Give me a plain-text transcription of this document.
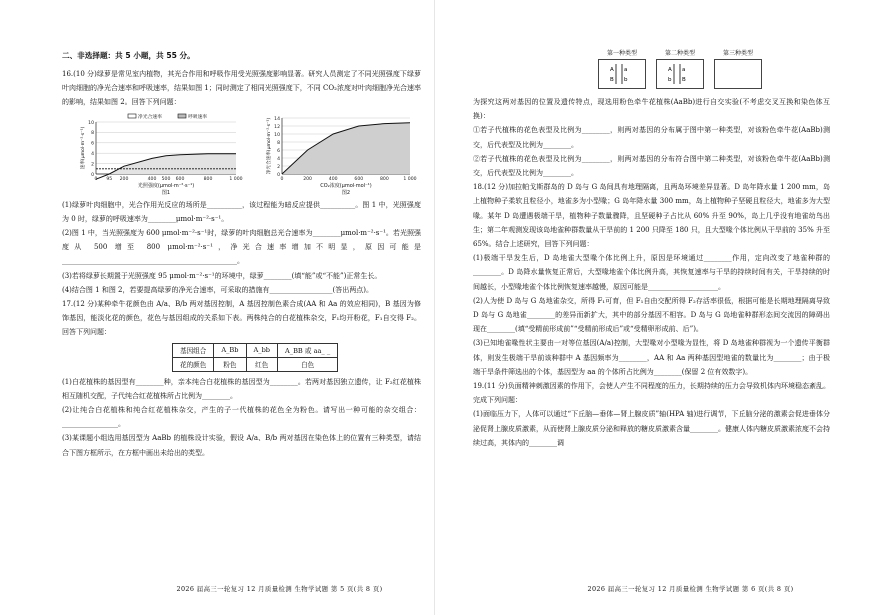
二、非选择题：共 5 小题，共 55 分。

16.(10 分)绿萝是常见室内植物，其光合作用和呼吸作用受光照强度影响显著。研究人员测定了不同光照强度下绿萝叶肉细胞的净光合速率和呼吸速率，结果如图 1；同时测定了相同光照强度下，不同 CO₂浓度对叶肉细胞净光合速率的影响，结果如图 2。回答下列问题：

0
2
4
6
8
10
0 95 200	400 500 600	800	1 000
光照强度(μmol·m⁻²·s⁻¹)
速率(μmol·m⁻²·s⁻¹)
图1
净光合速率	呼吸速率
0
2
4
6
8
10
12
14
0	200	400	600	800	1 000
CO₂浓度(μmol·mol⁻¹)
净光合速率(μmol·m⁻²·s⁻¹)
图2

(1)绿萝叶肉细胞中，光合作用光反应的场所是__________，该过程能为暗反应提供__________。图 1 中，光照强度为 0 时，绿萝的呼吸速率为________μmol·m⁻²·s⁻¹。

(2)图 1 中，当光照强度为 600 μmol·m⁻²·s⁻¹时，绿萝的叶肉细胞总光合速率为________μmol·m⁻²·s⁻¹。若光照强度从 500 增至 800 μmol·m⁻²·s⁻¹，净光合速率增加不明显，原因可能是__________________________________________________。

(3)若将绿萝长期置于光照强度 95 μmol·m⁻²·s⁻¹的环境中，绿萝________(填“能”或“不能”)正常生长。

(4)结合图 1 和图 2，若要提高绿萝的净光合速率，可采取的措施有__________________(答出两点)。

17.(12 分)某种牵牛花颜色由 A/a、B/b 两对基因控制，A 基因控制色素合成(AA 和 Aa 的效应相同)，B 基因为修饰基因，能淡化花的颜色，花色与基因组成的关系如下表。两株纯合的白花植株杂交，F₁均开粉花，F₁自交得 F₂。回答下列问题：

基因组合	A_Bb	A_bb	A_BB 或 aa_ _
花的颜色	粉色	红色	白色

(1)白花植株的基因型有________种，亲本纯合白花植株的基因型为________。若两对基因独立遗传，让 F₂红花植株相互随机交配，子代纯合红花植株所占比例为________。

(2)让纯合白花植株和纯合红花植株杂交，产生的子一代植株的花色全为粉色。请写出一种可能的杂交组合：________________。

(3)某课题小组选用基因型为 AaBb 的植株设计实验，假设 A/a、B/b 两对基因在染色体上的位置有三种类型，请结合下图方框所示，在方框中画出未给出的类型。

2026 届高三一轮复习 12 月质量检测 生物学试题 第 5 页(共 8 页)
第一种类型
A a
B b
第二种类型
A a
b B
第三种类型

为探究这两对基因的位置及遗传特点，现选用粉色牵牛花植株(AaBb)进行自交实验(不考虑交叉互换和染色体互换)：

①若子代植株的花色表型及比例为________，则两对基因的分布属于图中第一种类型，对该粉色牵牛花(AaBb)测交，后代表型及比例为________。

②若子代植株的花色表型及比例为________，则两对基因的分布符合图中第二种类型，对该粉色牵牛花(AaBb)测交，后代表型及比例为________。

18.(12 分)加拉帕戈斯群岛的 D 岛与 G 岛间具有地理隔离，且两岛环境差异显著。D 岛年降水量 1 200 mm，岛上植物种子柔软且粒径小，地雀多为小型喙；G 岛年降水量 300 mm，岛上植物种子坚硬且粒径大，地雀多为大型喙。某年 D 岛遭遇极端干旱，植物种子数量骤降，且坚硬种子占比从 60% 升至 90%，岛上几乎没有地雀幼鸟出生；第二年观测发现该岛地雀种群数量从干旱前的 1 200 只降至 180 只，且大型喙个体比例从干旱前的 35% 升至 65%。结合上述研究，回答下列问题：

(1)极端干旱发生后，D 岛地雀大型喙个体比例上升，原因是环境通过________作用，定向改变了地雀种群的________。D 岛降水量恢复正常后，大型喙地雀个体比例升高，其恢复速率与干旱的持续时间有关，干旱持续的时间越长，小型喙地雀个体比例恢复速率越慢，原因可能是____________________。

(2)人为使 D 岛与 G 岛地雀杂交，所得 F₁可育，但 F₁自由交配所得 F₂存活率很低，根据可能是长期地理隔离导致 D 岛与 G 岛地雀________的差异而新扩大，其中的部分基因不相容。D 岛与 G 岛地雀种群形态间交流因的障碍出现在________(填“受精前形成前”“受精前形成后”或“受精卵形成前、后”)。

(3)已知地雀喙性状主要由一对等位基因(A/a)控制，大型喙对小型喙为显性，将 D 岛地雀种群视为一个遗传平衡群体，则发生极端干旱前该种群中 A 基因频率为________，AA 和 Aa 两种基因型地雀的数量比为________；由于极端干旱条件筛选出的个体，基因型为 aa 的个体所占比例为________(保留 2 位有效数字)。

19.(11 分)负面精神刺激因素的作用下，会使人产生不同程度的压力，长期持续的压力会导致机体内环境稳态紊乱。完成下列问题：

(1)面临压力下，人体可以通过“下丘脑—垂体—肾上腺皮质”轴(HPA 轴)进行调节，下丘脑分泌的激素会促进垂体分泌促肾上腺皮质激素，从而使肾上腺皮质分泌和释放的糖皮质激素含量________。健康人体内糖皮质激素浓度不会持续过高，其体内的________调

2026 届高三一轮复习 12 月质量检测 生物学试题 第 6 页(共 8 页)
